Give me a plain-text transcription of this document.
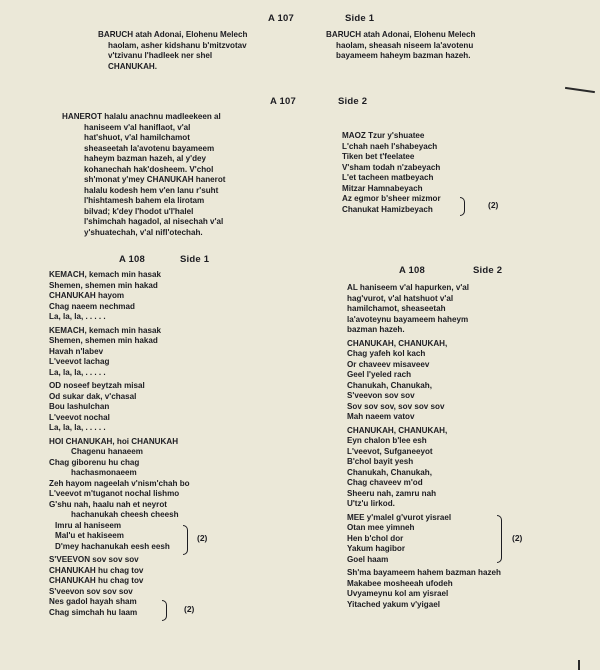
A 107	Side 1
BARUCH atah Adonai, Elohenu Melech
haolam, asher kidshanu b'mitzvotav
v'tzivanu l'hadleek ner shel
CHANUKAH.
BARUCH atah Adonai, Elohenu Melech
haolam, sheasah niseem la'avotenu
bayameem haheym bazman hazeh.
A 107	Side 2
HANEROT halalu anachnu madleekeen al
haniseem v'al haniflaot, v'al
hat'shuot, v'al hamilchamot
sheaseetah la'avotenu bayameem
haheym bazman hazeh, al y'dey
kohanechah hak'dosheem. V'chol
sh'monat y'mey CHANUKAH hanerot
halalu kodesh hem v'en lanu r'suht
l'hishtamesh bahem ela lirotam
bilvad; k'dey l'hodot u'l'halel
l'shimchah hagadol, al nisechah v'al
y'shuatechah, v'al nifl'otechah.
MAOZ Tzur y'shuatee
L'chah naeh l'shabeyach
Tiken bet t'feelatee
V'sham todah n'zabeyach
L'et tacheen matbeyach
Mitzar Hamnabeyach
Az egmor b'sheer mizmor
Chanukat Hamizbeyach	(2)
A 108	Side 1
KEMACH, kemach min hasak
Shemen, shemen min hakad
CHANUKAH hayom
Chag naeem nechmad
La, la, la, . . . . .
KEMACH, kemach min hasak
Shemen, shemen min hakad
Havah n'labev
L'veevot lachag
La, la, la, . . . . .
OD noseef beytzah misal
Od sukar dak, v'chasal
Bou lashulchan
L'veevot nochal
La, la, la, . . . . .
HOI CHANUKAH, hoi CHANUKAH
Chagenu hanaeem
Chag giborenu hu chag
hachasmonaeem
Zeh hayom nageelah v'nism'chah bo
L'veevot m'tuganot nochal lishmo
G'shu nah, haalu nah et neyrot
hachanukah cheesh cheesh
Imru al haniseem
Mal'u et hakiseem
D'mey hachanukah eesh eesh
S'VEEVON sov sov sov
CHANUKAH hu chag tov
CHANUKAH hu chag tov
S'veevon sov sov sov
Nes gadol hayah sham
Chag simchah hu laam
(2)
(2)
A 108	Side 2
AL haniseem v'al hapurken, v'al
hag'vurot, v'al hatshuot v'al
hamilchamot, sheaseetah
la'avoteynu bayameem haheym
bazman hazeh.
CHANUKAH, CHANUKAH,
Chag yafeh kol kach
Or chaveev misaveev
Geel l'yeled rach
Chanukah, Chanukah,
S'veevon sov sov
Sov sov sov, sov sov sov
Mah naeem vatov
CHANUKAH, CHANUKAH,
Eyn chalon b'lee esh
L'veevot, Sufganeeyot
B'chol bayit yesh
Chanukah, Chanukah,
Chag chaveev m'od
Sheeru nah, zamru nah
U'tz'u lirkod.
MEE y'malel g'vurot yisrael
Otan mee yimneh
Hen b'chol dor
Yakum hagibor
Goel haam
Sh'ma bayameem hahem bazman hazeh
Makabee mosheeah ufodeh
Uvyameynu kol am yisrael
Yitached yakum v'yigael
(2)
